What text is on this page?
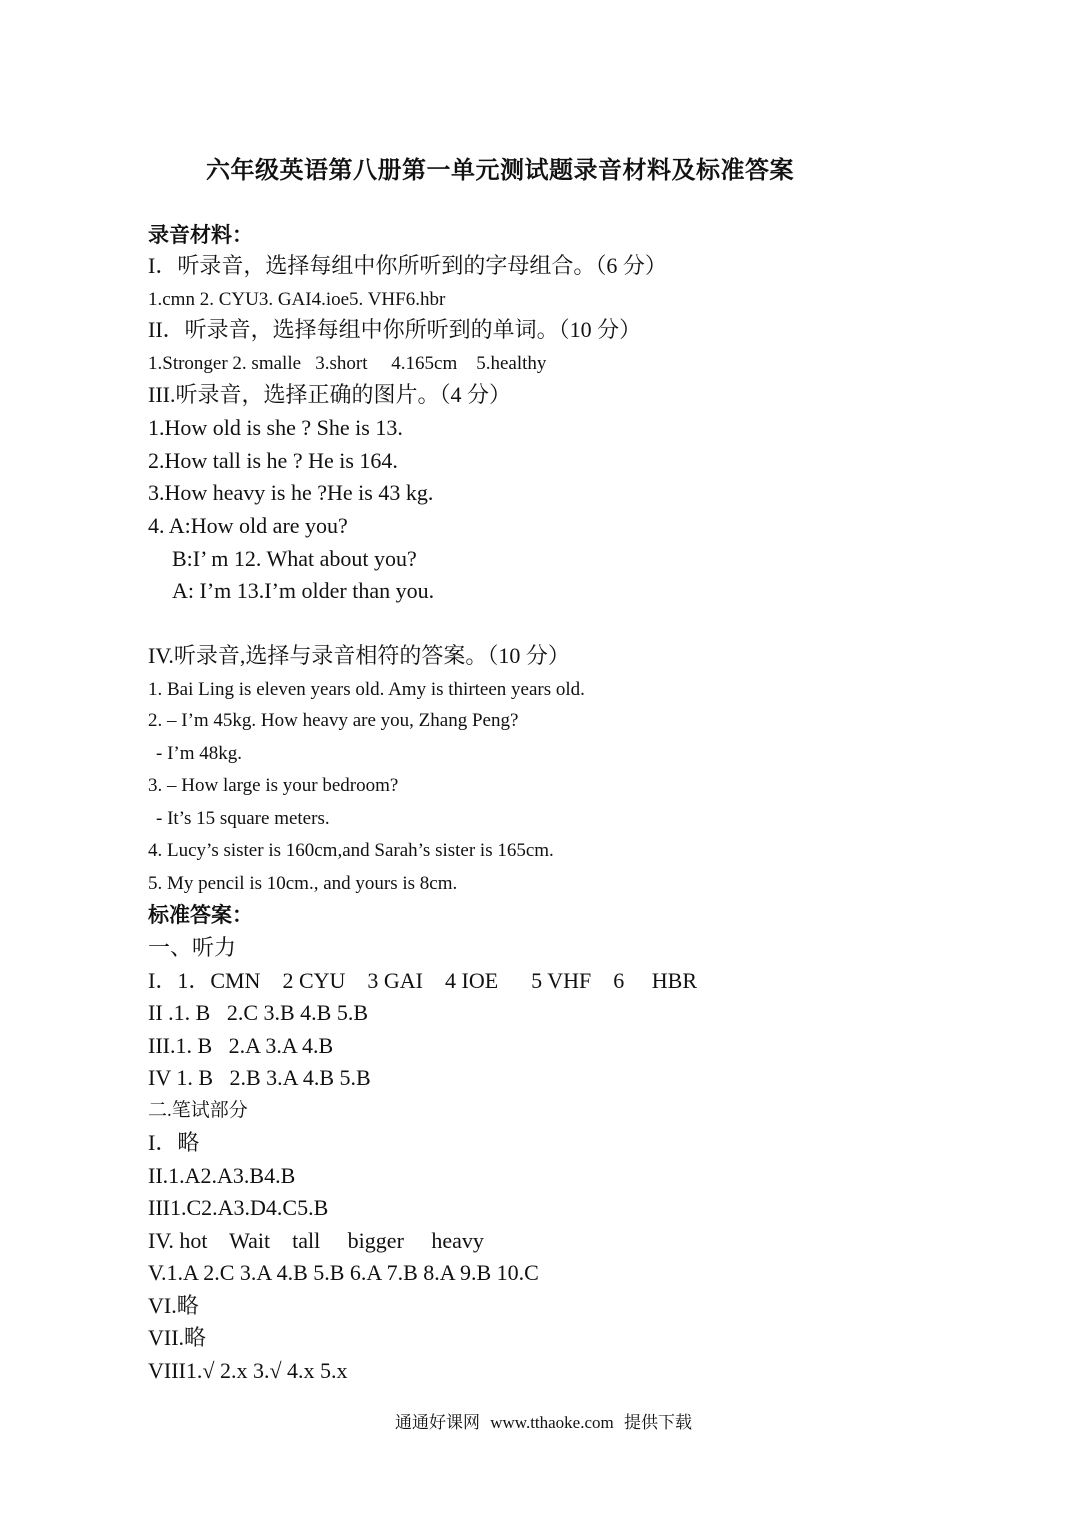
六年级英语第八册第一单元测试题录音材料及标准答案
录音材料：
I．听录音，选择每组中你所听到的字母组合。（6 分）
1.cmn 2. CYU3. GAI4.ioe5. VHF6.hbr
II．听录音，选择每组中你所听到的单词。（10 分）
1.Stronger 2. smalle   3.short     4.165cm    5.healthy
III.听录音，选择正确的图片。（4 分）
1.How old is she ? She is 13.
2.How tall is he ? He is 164.
3.How heavy is he ?He is 43 kg.
4. A:How old are you?
B:I’ m 12. What about you?
A: I’m 13.I’m older than you.
IV.听录音,选择与录音相符的答案。（10 分）
1. Bai Ling is eleven years old. Amy is thirteen years old.
2. – I’m 45kg. How heavy are you, Zhang Peng?
- I’m 48kg.
3. – How large is your bedroom?
- It’s 15 square meters.
4. Lucy’s sister is 160cm,and Sarah’s sister is 165cm.
5. My pencil is 10cm., and yours is 8cm.
标准答案：
一、听力
I．1．CMN    2 CYU    3 GAI    4 IOE      5 VHF    6     HBR
II .1. B   2.C 3.B 4.B 5.B
III.1. B   2.A 3.A 4.B
IV 1. B   2.B 3.A 4.B 5.B
二.笔试部分
I．略
II.1.A2.A3.B4.B
III1.C2.A3.D4.C5.B
IV. hot    Wait    tall     bigger     heavy
V.1.A 2.C 3.A 4.B 5.B 6.A 7.B 8.A 9.B 10.C
VI.略
VII.略
VIII1.√ 2.x 3.√ 4.x 5.x
通通好课网 www.tthaoke.com 提供下载
